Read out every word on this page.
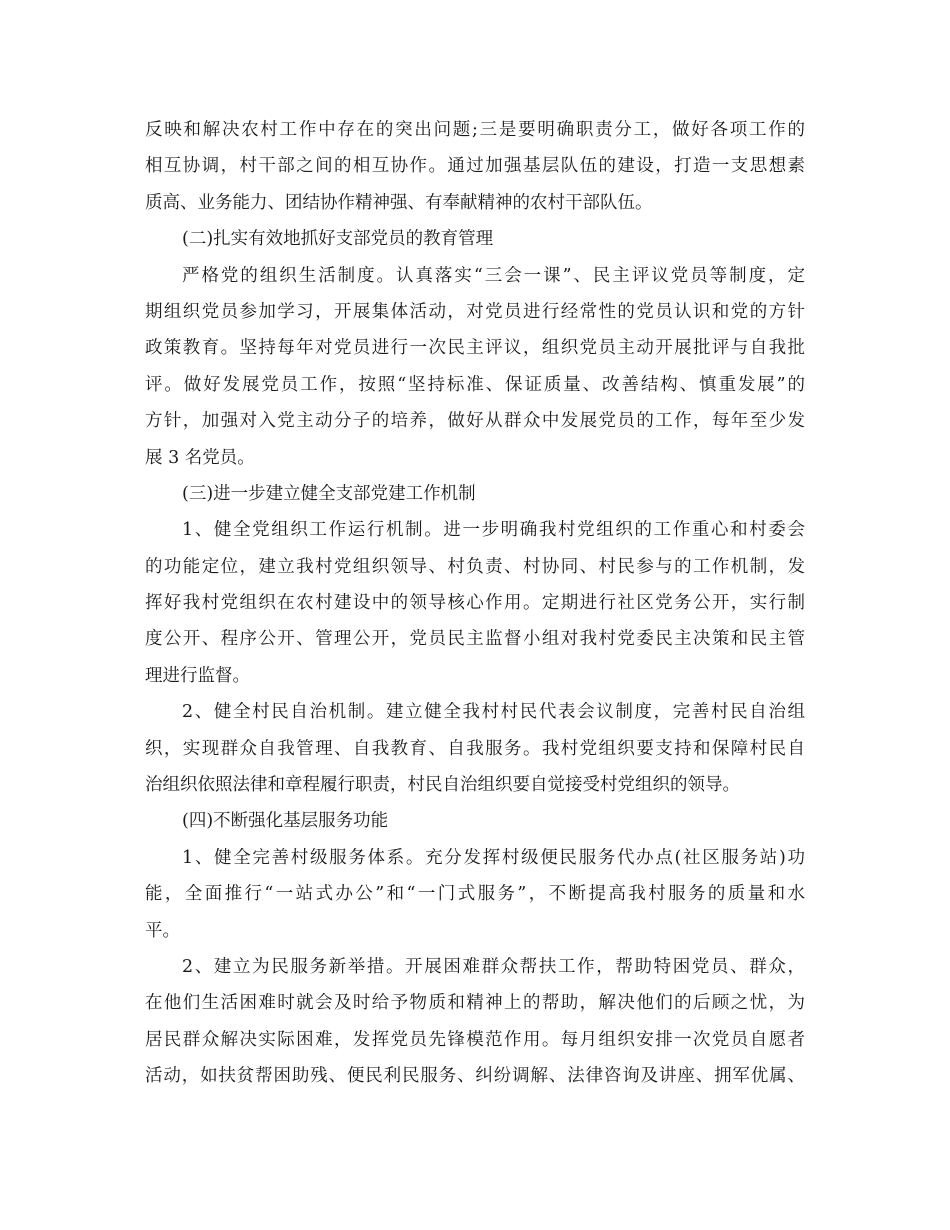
反映和解决农村工作中存在的突出问题;三是要明确职责分工，做好各项工作的
相互协调，村干部之间的相互协作。通过加强基层队伍的建设，打造一支思想素
质高、业务能力、团结协作精神强、有奉献精神的农村干部队伍。
(二)扎实有效地抓好支部党员的教育管理
严格党的组织生活制度。认真落实“三会一课”、民主评议党员等制度，定
期组织党员参加学习，开展集体活动，对党员进行经常性的党员认识和党的方针
政策教育。坚持每年对党员进行一次民主评议，组织党员主动开展批评与自我批
评。做好发展党员工作，按照“坚持标准、保证质量、改善结构、慎重发展”的
方针，加强对入党主动分子的培养，做好从群众中发展党员的工作，每年至少发
展 3 名党员。
(三)进一步建立健全支部党建工作机制
1、健全党组织工作运行机制。进一步明确我村党组织的工作重心和村委会
的功能定位，建立我村党组织领导、村负责、村协同、村民参与的工作机制，发
挥好我村党组织在农村建设中的领导核心作用。定期进行社区党务公开，实行制
度公开、程序公开、管理公开，党员民主监督小组对我村党委民主决策和民主管
理进行监督。
2、健全村民自治机制。建立健全我村村民代表会议制度，完善村民自治组
织，实现群众自我管理、自我教育、自我服务。我村党组织要支持和保障村民自
治组织依照法律和章程履行职责，村民自治组织要自觉接受村党组织的领导。
(四)不断强化基层服务功能
1、健全完善村级服务体系。充分发挥村级便民服务代办点(社区服务站)功
能，全面推行“一站式办公”和“一门式服务”，不断提高我村服务的质量和水
平。
2、建立为民服务新举措。开展困难群众帮扶工作，帮助特困党员、群众，
在他们生活困难时就会及时给予物质和精神上的帮助，解决他们的后顾之忧，为
居民群众解决实际困难，发挥党员先锋模范作用。每月组织安排一次党员自愿者
活动，如扶贫帮困助残、便民利民服务、纠纷调解、法律咨询及讲座、拥军优属、
